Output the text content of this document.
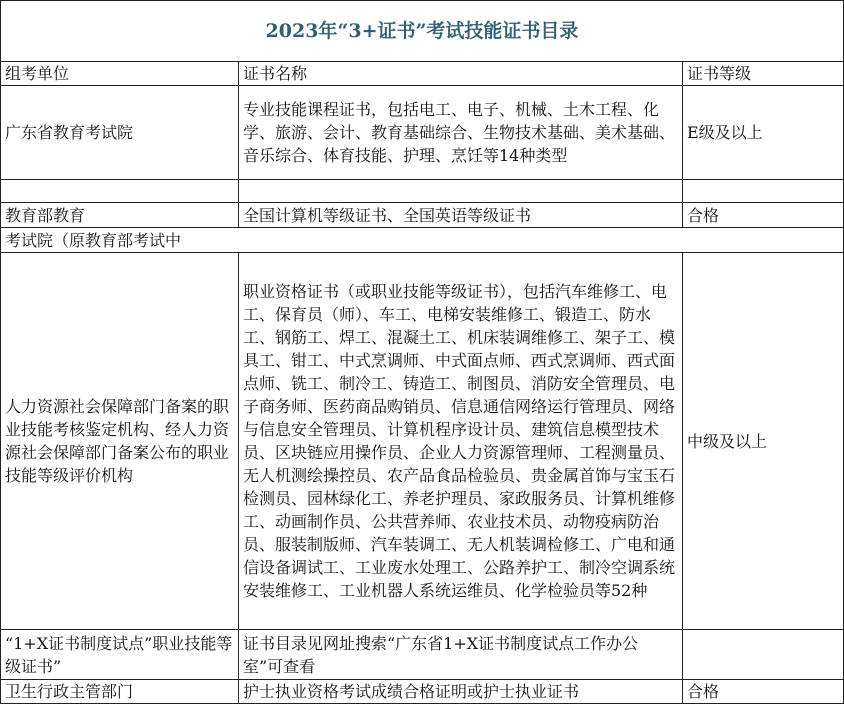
2023年“3+证书”考试技能证书目录		
组考单位	证书名称	证书等级
广东省教育考试院	专业技能课程证书，包括电工、电子、机械、土木工程、化学、旅游、会计、教育基础综合、生物技术基础、美术基础、音乐综合、体育技能、护理、烹饪等14种类型	E级及以上

教育部教育	全国计算机等级证书、全国英语等级证书	合格
考试院（原教育部考试中		
人力资源社会保障部门备案的职业技能考核鉴定机构、经人力资源社会保障部门备案公布的职业技能等级评价机构	职业资格证书（或职业技能等级证书），包括汽车维修工、电工、保育员（师）、车工、电梯安装维修工、锻造工、防水工、钢筋工、焊工、混凝土工、机床装调维修工、架子工、模具工、钳工、中式烹调师、中式面点师、西式烹调师、西式面点师、铣工、制冷工、铸造工、制图员、消防安全管理员、电子商务师、医药商品购销员、信息通信网络运行管理员、网络与信息安全管理员、计算机程序设计员、建筑信息模型技术员、区块链应用操作员、企业人力资源管理师、工程测量员、无人机测绘操控员、农产品食品检验员、贵金属首饰与宝玉石检测员、园林绿化工、养老护理员、家政服务员、计算机维修工、动画制作员、公共营养师、农业技术员、动物疫病防治员、服装制版师、汽车装调工、无人机装调检修工、广电和通信设备调试工、工业废水处理工、公路养护工、制冷空调系统安装维修工、工业机器人系统运维员、化学检验员等52种	中级及以上
“1+X证书制度试点”职业技能等级证书”	证书目录见网址搜索“广东省1+X证书制度试点工作办公室”可查看	
卫生行政主管部门	护士执业资格考试成绩合格证明或护士执业证书	合格
